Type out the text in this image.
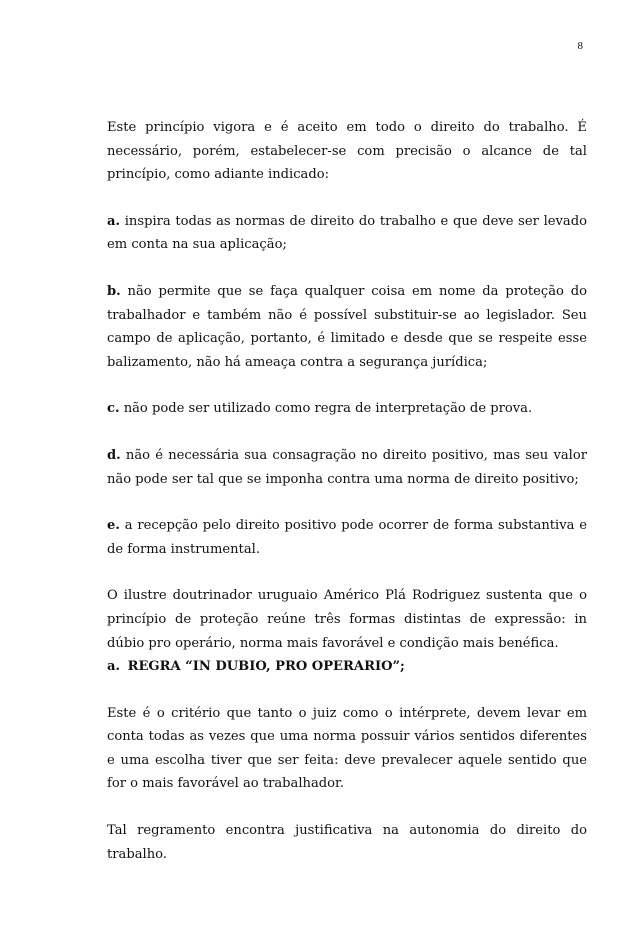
8

Este princípio vigora e é aceito em todo o direito do trabalho. É necessário, porém, estabelecer-se com precisão o alcance de tal princípio, como adiante indicado:

a. inspira todas as normas de direito do trabalho e que deve ser levado em conta na sua aplicação;

b. não permite que se faça qualquer coisa em nome da proteção do trabalhador e também não é possível substituir-se ao legislador. Seu campo de aplicação, portanto, é limitado e desde que se respeite esse balizamento, não há ameaça contra a segurança jurídica;

c. não pode ser utilizado como regra de interpretação de prova.

d. não é necessária sua consagração no direito positivo, mas seu valor não pode ser tal que se imponha contra uma norma de direito positivo;

e. a recepção pelo direito positivo pode ocorrer de forma substantiva e de forma instrumental.

O ilustre doutrinador uruguaio Américo Plá Rodriguez sustenta que o princípio de proteção reúne três formas distintas de expressão: in dúbio pro operário, norma mais favorável e condição mais benéfica.

a. REGRA “IN DUBIO, PRO OPERARIO”;

Este é o critério que tanto o juiz como o intérprete, devem levar em conta todas as vezes que uma norma possuir vários sentidos diferentes e uma escolha tiver que ser feita: deve prevalecer aquele sentido que for o mais favorável ao trabalhador.

Tal regramento encontra justificativa na autonomia do direito do trabalho.
